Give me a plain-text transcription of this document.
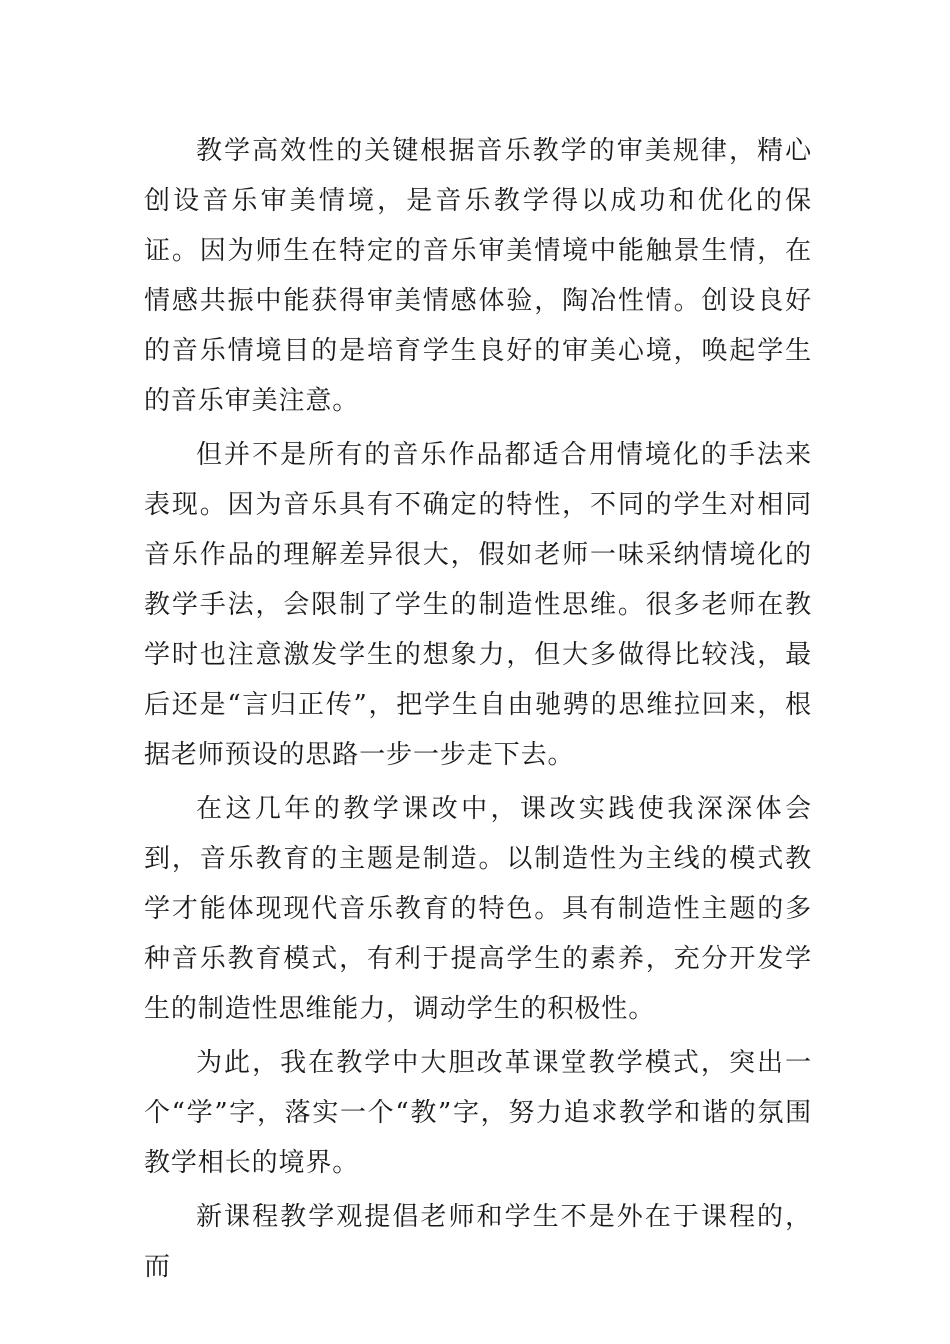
教学高效性的关键根据音乐教学的审美规律，精心创设音乐审美情境，是音乐教学得以成功和优化的保证。因为师生在特定的音乐审美情境中能触景生情，在情感共振中能获得审美情感体验，陶冶性情。创设良好的音乐情境目的是培育学生良好的审美心境，唤起学生的音乐审美注意。

但并不是所有的音乐作品都适合用情境化的手法来表现。因为音乐具有不确定的特性，不同的学生对相同音乐作品的理解差异很大，假如老师一味采纳情境化的教学手法，会限制了学生的制造性思维。很多老师在教学时也注意激发学生的想象力，但大多做得比较浅，最后还是“言归正传”，把学生自由驰骋的思维拉回来，根据老师预设的思路一步一步走下去。

在这几年的教学课改中，课改实践使我深深体会到，音乐教育的主题是制造。以制造性为主线的模式教学才能体现现代音乐教育的特色。具有制造性主题的多种音乐教育模式，有利于提高学生的素养，充分开发学生的制造性思维能力，调动学生的积极性。

为此，我在教学中大胆改革课堂教学模式，突出一个“学”字，落实一个“教”字，努力追求教学和谐的氛围教学相长的境界。

新课程教学观提倡老师和学生不是外在于课程的，而
